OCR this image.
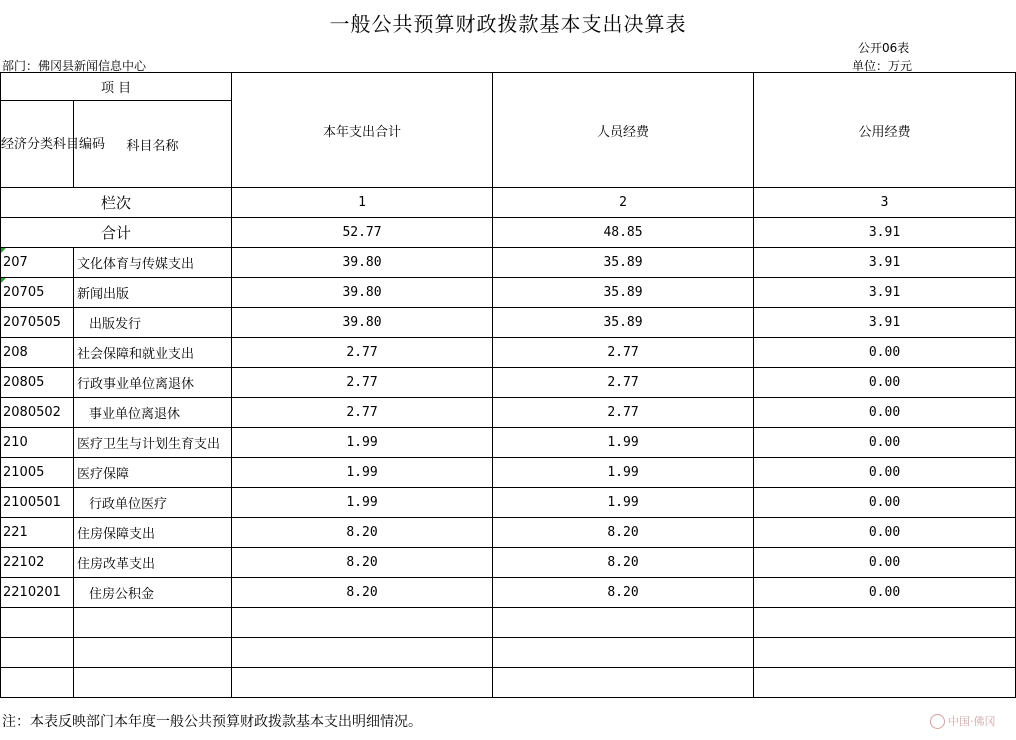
一般公共预算财政拨款基本支出决算表
公开06表
部门：佛冈县新闻信息中心	单位：万元
项 目		本年支出合计	人员经费	公用经费
经济分类科目编码	科目名称			
栏次		1	2	3
合计		52.77	48.85	3.91
207	文化体育与传媒支出	39.80	35.89	3.91
20705	新闻出版	39.80	35.89	3.91
2070505	出版发行	39.80	35.89	3.91
208	社会保障和就业支出	2.77	2.77	0.00
20805	行政事业单位离退休	2.77	2.77	0.00
2080502	事业单位离退休	2.77	2.77	0.00
210	医疗卫生与计划生育支出	1.99	1.99	0.00
21005	医疗保障	1.99	1.99	0.00
2100501	行政单位医疗	1.99	1.99	0.00
221	住房保障支出	8.20	8.20	0.00
22102	住房改革支出	8.20	8.20	0.00
2210201	住房公积金	8.20	8.20	0.00

注：本表反映部门本年度一般公共预算财政拨款基本支出明细情况。	中国·佛冈
